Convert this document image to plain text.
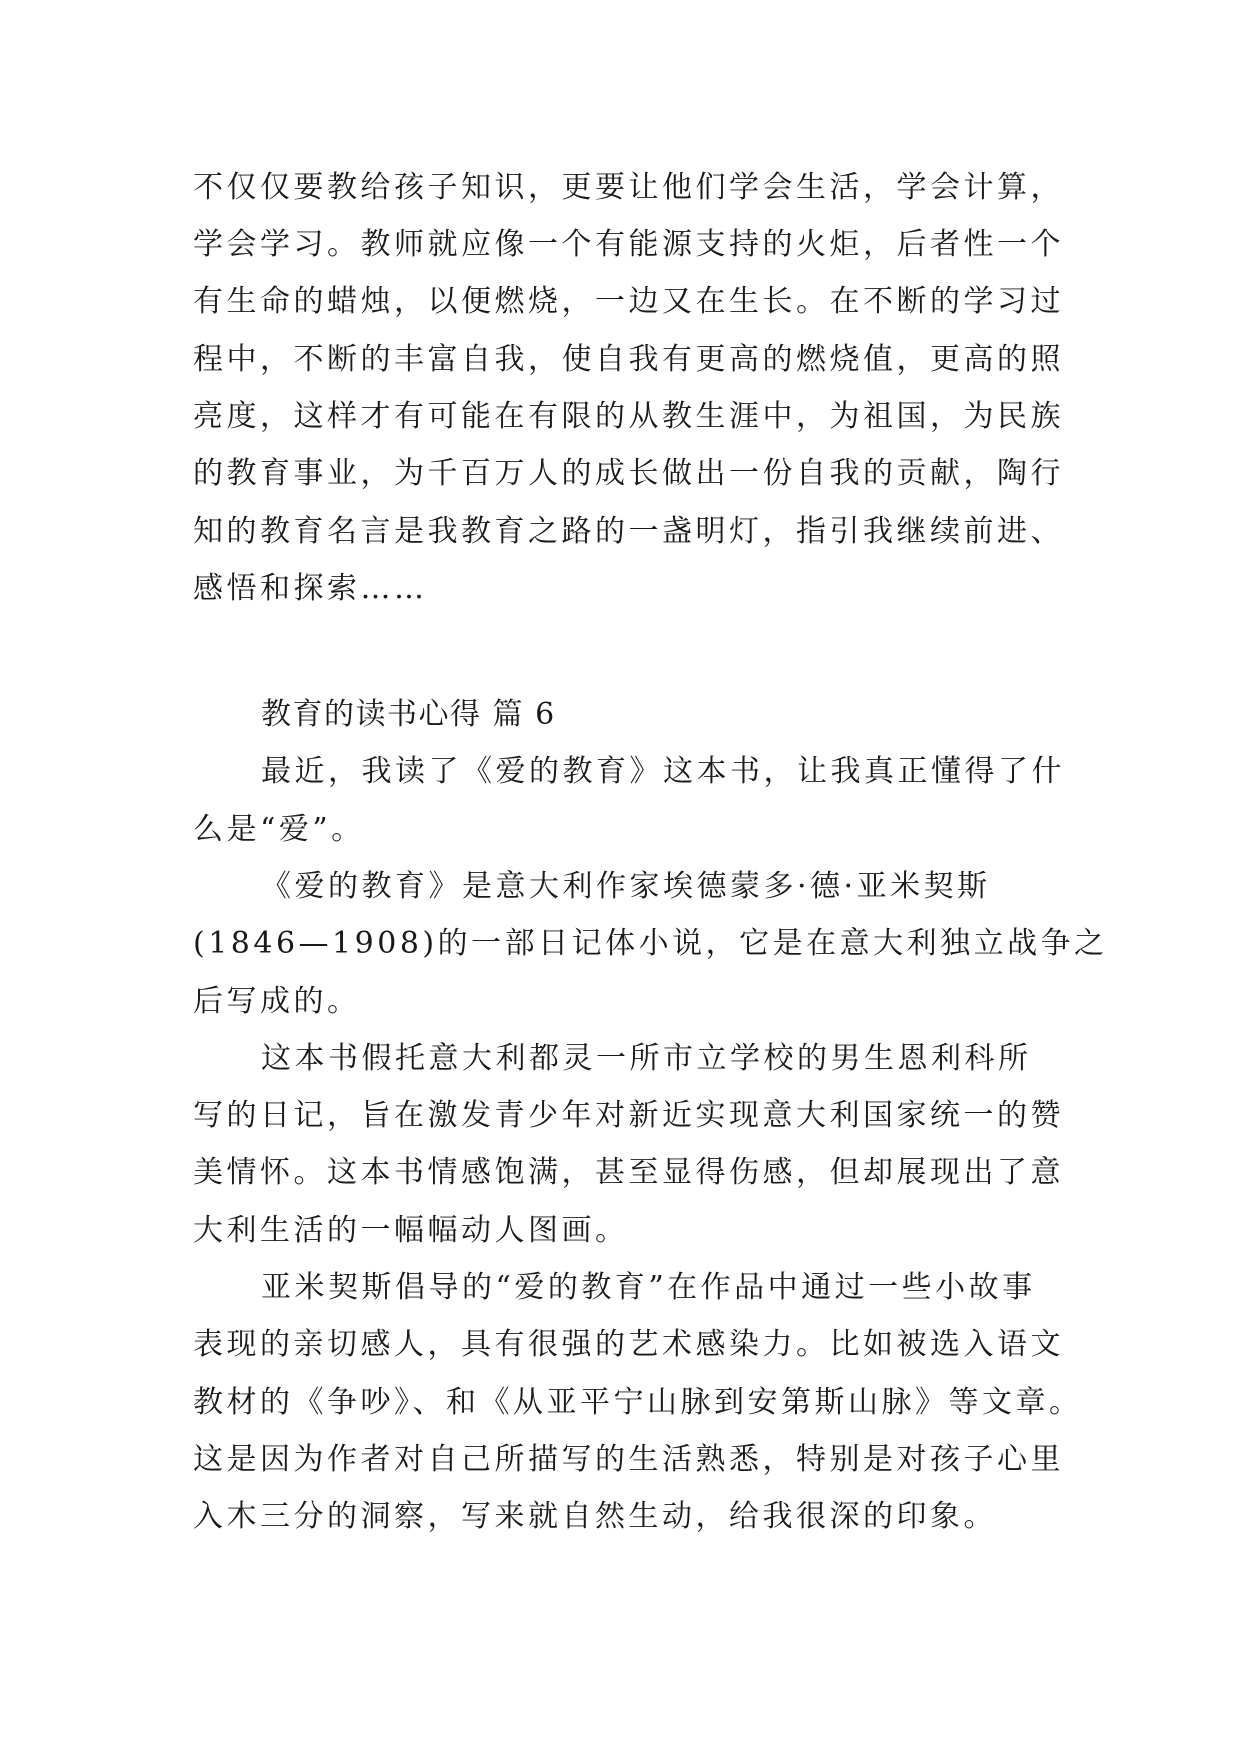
不仅仅要教给孩子知识，更要让他们学会生活，学会计算，
学会学习。教师就应像一个有能源支持的火炬，后者性一个
有生命的蜡烛，以便燃烧，一边又在生长。在不断的学习过
程中，不断的丰富自我，使自我有更高的燃烧值，更高的照
亮度，这样才有可能在有限的从教生涯中，为祖国，为民族
的教育事业，为千百万人的成长做出一份自我的贡献，陶行
知的教育名言是我教育之路的一盏明灯，指引我继续前进、
感悟和探索……
教育的读书心得 篇 6
最近，我读了《爱的教育》这本书，让我真正懂得了什
么是“爱”。
《爱的教育》是意大利作家埃德蒙多·德·亚米契斯
(1846—1908)的一部日记体小说，它是在意大利独立战争之
后写成的。
这本书假托意大利都灵一所市立学校的男生恩利科所
写的日记，旨在激发青少年对新近实现意大利国家统一的赞
美情怀。这本书情感饱满，甚至显得伤感，但却展现出了意
大利生活的一幅幅动人图画。
亚米契斯倡导的“爱的教育”在作品中通过一些小故事
表现的亲切感人，具有很强的艺术感染力。比如被选入语文
教材的《争吵》、和《从亚平宁山脉到安第斯山脉》等文章。
这是因为作者对自己所描写的生活熟悉，特别是对孩子心里
入木三分的洞察，写来就自然生动，给我很深的印象。
